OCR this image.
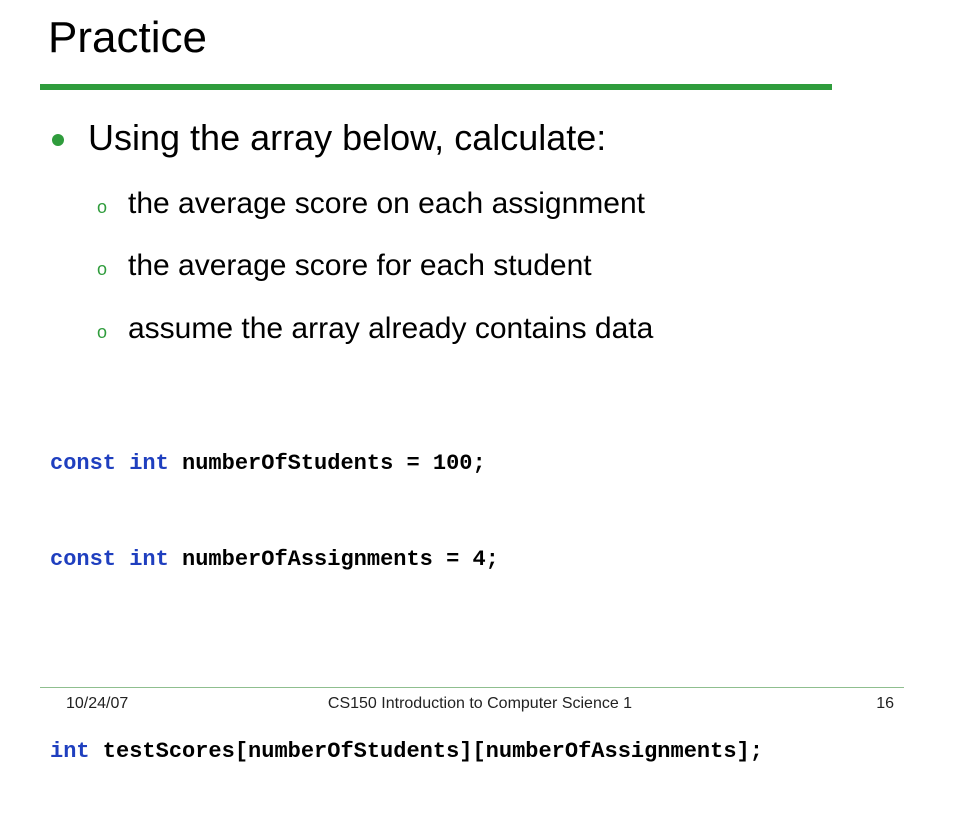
Practice
Using the array below, calculate:
o the average score on each assignment
o the average score for each student
o assume the array already contains data

const int numberOfStudents = 100;

const int numberOfAssignments = 4;

int testScores[numberOfStudents][numberOfAssignments];

10/24/07	CS150 Introduction to Computer Science 1	16
